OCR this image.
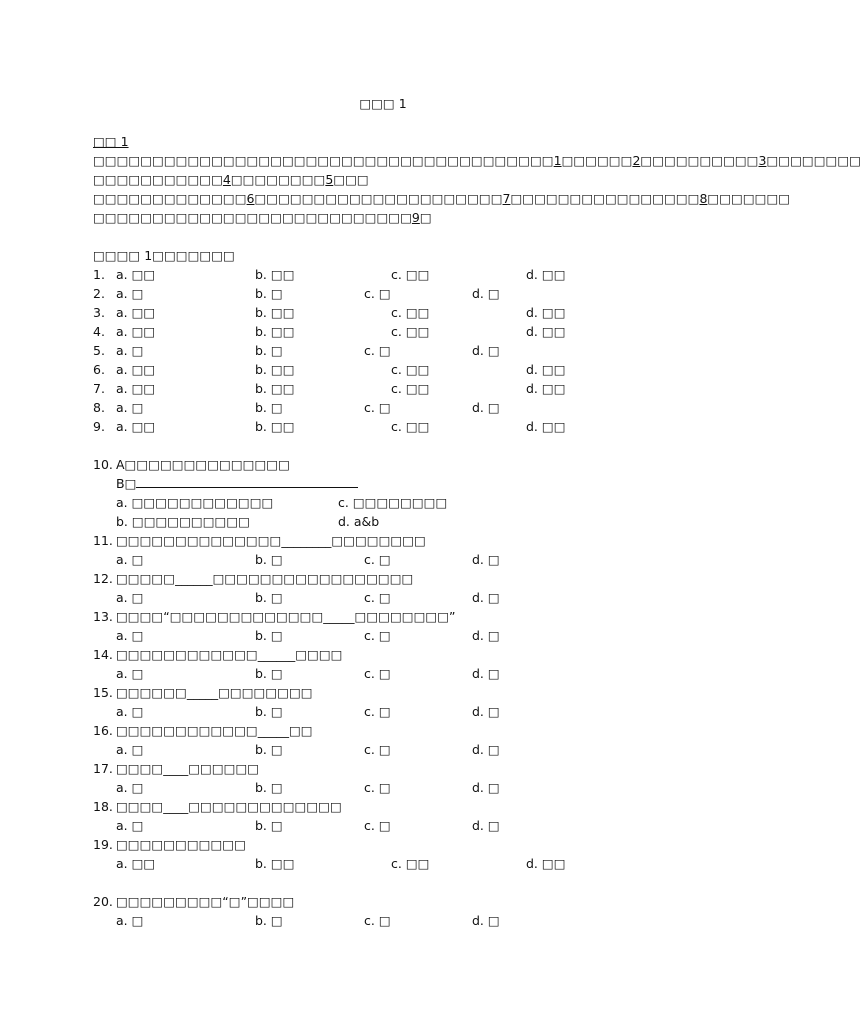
□□□ 1
□□ 1
□□□□□□□□□□□□□□□□□□□□□□□□□□□□□□□□□□□□□□□1□□□□□□2□□□□□□□□□□3□□□□□□□□
□□□□□□□□□□□4□□□□□□□□5□□□
□□□□□□□□□□□□□6□□□□□□□□□□□□□□□□□□□□□7□□□□□□□□□□□□□□□□8□□□□□□□
□□□□□□□□□□□□□□□□□□□□□□□□□□□9□
□□□□ 1□□□□□□□
1. a. □□	b. □□	c. □□	d. □□
2. a. □	b. □	c. □	d. □
3. a. □□	b. □□	c. □□	d. □□
4. a. □□	b. □□	c. □□	d. □□
5. a. □	b. □	c. □	d. □
6. a. □□	b. □□	c. □□	d. □□
7. a. □□	b. □□	c. □□	d. □□
8. a. □	b. □	c. □	d. □
9. a. □□	b. □□	c. □□	d. □□
10. A□□□□□□□□□□□□□□
B□
a. □□□□□□□□□□□□	c. □□□□□□□□
b. □□□□□□□□□□	d. a&b
11. □□□□□□□□□□□□□□________□□□□□□□□
a. □	b. □	c. □	d. □
12. □□□□□______□□□□□□□□□□□□□□□□□
a. □	b. □	c. □	d. □
13. □□□□“□□□□□□□□□□□□□_____□□□□□□□□”
a. □	b. □	c. □	d. □
14. □□□□□□□□□□□□______□□□□
a. □	b. □	c. □	d. □
15. □□□□□□_____□□□□□□□□
a. □	b. □	c. □	d. □
16. □□□□□□□□□□□□_____□□
a. □	b. □	c. □	d. □
17. □□□□____□□□□□□
a. □	b. □	c. □	d. □
18. □□□□____□□□□□□□□□□□□□
a. □	b. □	c. □	d. □
19. □□□□□□□□□□□
a. □□	b. □□	c. □□	d. □□
20. □□□□□□□□□“□”□□□□
a. □	b. □	c. □	d. □
